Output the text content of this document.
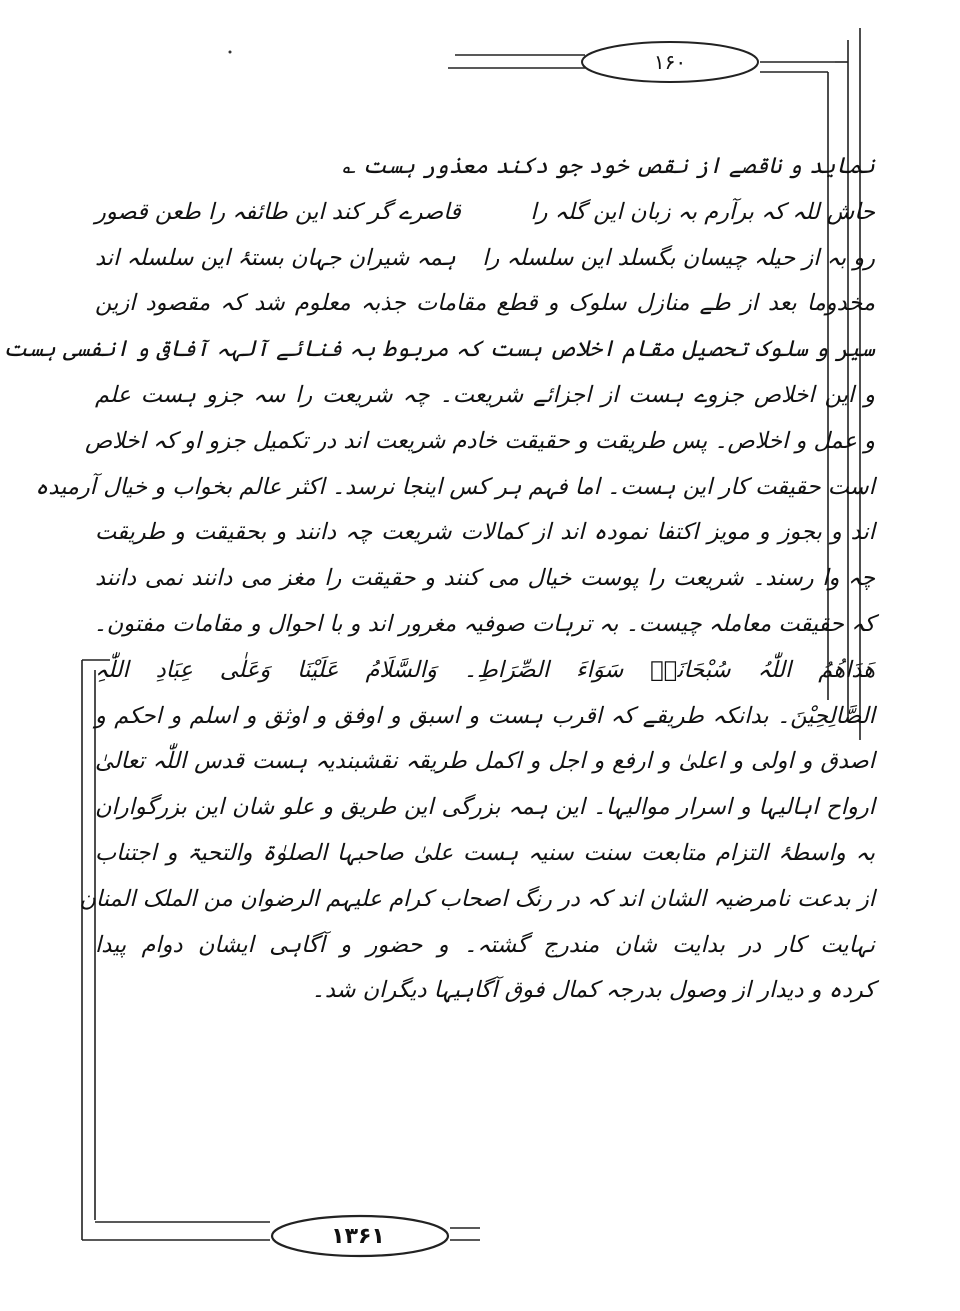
۱۶۰
۱۳۶۱
نماید و ناقصے از نقص خود جو دکند معذور ہست ؎
حاش للہ کہ برآرم بہ زبان این گلہ را
قاصرے گر کند این طائفہ را طعن قصور
رو بہ از حیلہ چیسان بگسلد این سلسلہ را
ہمہ شیران جہان بستۂ این سلسلہ اند
مخدوما بعد از طے منازل سلوک و قطع مقامات جذبہ معلوم شد کہ مقصود ازین
سیر و سلوک تحصیل مقام اخلاص ہست کہ مربوط بہ فنائے آلہہ آفاقی و انفسی ہست
و این اخلاص جزوے ہست از اجزائے شریعت۔ چہ شریعت را سہ جزو ہست علم
و عمل و اخلاص۔ پس طریقت و حقیقت خادم شریعت اند در تکمیل جزو او کہ اخلاص
است حقیقت کار این ہست۔ اما فہم ہر کس اینجا نرسد۔ اکثر عالم بخواب و خیال آرمیدہ
اند و بجوز و مویز اکتفا نمودہ اند از کمالات شریعت چہ دانند و بحقیقت و طریقت
چہ وا رسند۔ شریعت را پوست خیال می کنند و حقیقت را مغز می دانند نمی دانند
کہ حقیقت معاملہ چیست۔ بہ ترہات صوفیہ مغرور اند و با احوال و مقامات مفتون۔
ھَدَاھُمُ اللّٰہُ سُبْحَانَہٗ سَوَاءَ الصِّرَاطِ۔ وَالسَّلَامُ عَلَیْنَا وَعَلٰی عِبَادِ اللّٰہِ
الصَّالِحِیْنَ۔ بدانکہ طریقے کہ اقرب ہست و اسبق و اوفق و اوثق و اسلم و احکم و
اصدق و اولی و اعلیٰ و ارفع و اجل و اکمل طریقہ نقشبندیہ ہست قدس اللّٰہ تعالیٰ
ارواح اہالیہا و اسرار موالیہا۔ این ہمہ بزرگی این طریق و علو شان این بزرگواران
بہ واسطۂ التزام متابعت سنت سنیہ ہست علیٰ صاحبہا الصلوٰۃ والتحیۃ و اجتناب
از بدعت نامرضیہ الشان اند کہ در رنگ اصحاب کرام علیہم الرضوان من الملک المنان
نہایت کار در بدایت شان مندرج گشتہ۔ و حضور و آگاہی ایشان دوام پیدا
کردہ و دیدار از وصول بدرجہ کمال فوق آگاہیہا دیگران شد۔
